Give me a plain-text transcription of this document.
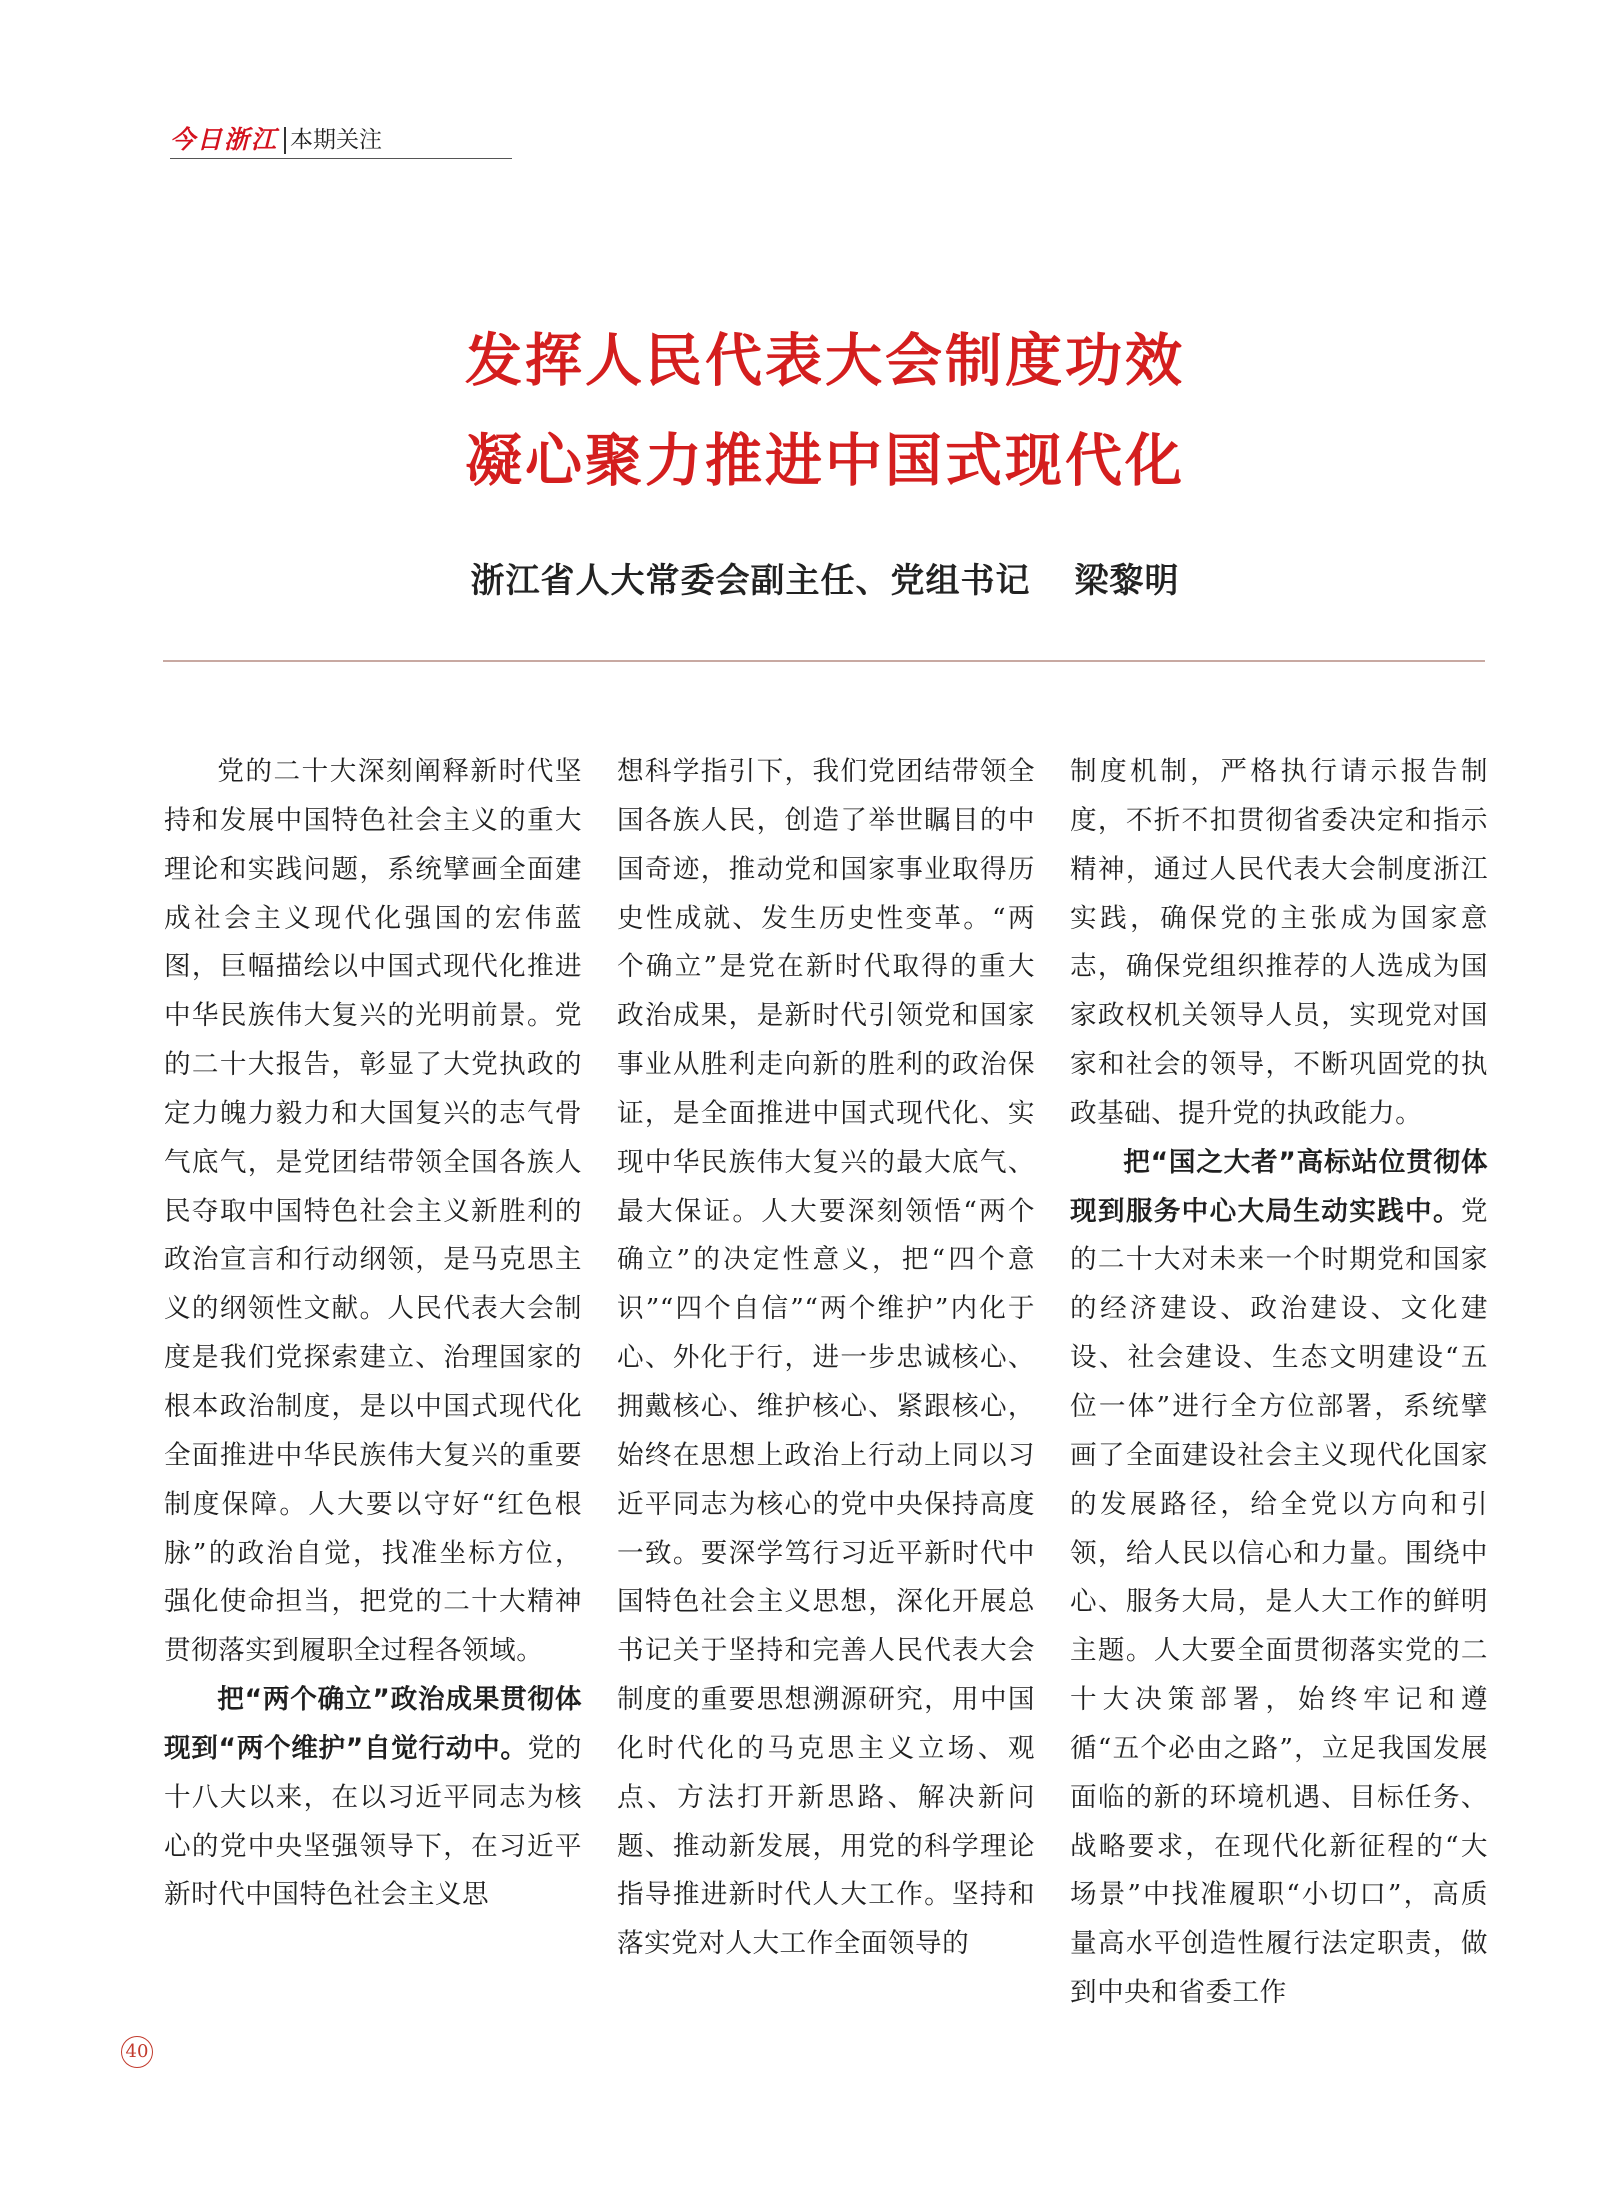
今日浙江 本期关注
发挥人民代表大会制度功效
凝心聚力推进中国式现代化
浙江省人大常委会副主任、党组书记 梁黎明

党的二十大深刻阐释新时代坚持和发展中国特色社会主义的重大理论和实践问题，系统擘画全面建成社会主义现代化强国的宏伟蓝图，巨幅描绘以中国式现代化推进中华民族伟大复兴的光明前景。党的二十大报告，彰显了大党执政的定力魄力毅力和大国复兴的志气骨气底气，是党团结带领全国各族人民夺取中国特色社会主义新胜利的政治宣言和行动纲领，是马克思主义的纲领性文献。人民代表大会制度是我们党探索建立、治理国家的根本政治制度，是以中国式现代化全面推进中华民族伟大复兴的重要制度保障。人大要以守好“红色根脉”的政治自觉，找准坐标方位，强化使命担当，把党的二十大精神贯彻落实到履职全过程各领域。

把“两个确立”政治成果贯彻体现到“两个维护”自觉行动中。党的十八大以来，在以习近平同志为核心的党中央坚强领导下，在习近平新时代中国特色社会主义思

想科学指引下，我们党团结带领全国各族人民，创造了举世瞩目的中国奇迹，推动党和国家事业取得历史性成就、发生历史性变革。“两个确立”是党在新时代取得的重大政治成果，是新时代引领党和国家事业从胜利走向新的胜利的政治保证，是全面推进中国式现代化、实现中华民族伟大复兴的最大底气、最大保证。人大要深刻领悟“两个确立”的决定性意义，把“四个意识”“四个自信”“两个维护”内化于心、外化于行，进一步忠诚核心、拥戴核心、维护核心、紧跟核心，始终在思想上政治上行动上同以习近平同志为核心的党中央保持高度一致。要深学笃行习近平新时代中国特色社会主义思想，深化开展总书记关于坚持和完善人民代表大会制度的重要思想溯源研究，用中国化时代化的马克思主义立场、观点、方法打开新思路、解决新问题、推动新发展，用党的科学理论指导推进新时代人大工作。坚持和落实党对人大工作全面领导的

制度机制，严格执行请示报告制度，不折不扣贯彻省委决定和指示精神，通过人民代表大会制度浙江实践，确保党的主张成为国家意志，确保党组织推荐的人选成为国家政权机关领导人员，实现党对国家和社会的领导，不断巩固党的执政基础、提升党的执政能力。

把“国之大者”高标站位贯彻体现到服务中心大局生动实践中。党的二十大对未来一个时期党和国家的经济建设、政治建设、文化建设、社会建设、生态文明建设“五位一体”进行全方位部署，系统擘画了全面建设社会主义现代化国家的发展路径，给全党以方向和引领，给人民以信心和力量。围绕中心、服务大局，是人大工作的鲜明主题。人大要全面贯彻落实党的二十大决策部署，始终牢记和遵循“五个必由之路”，立足我国发展面临的新的环境机遇、目标任务、战略要求，在现代化新征程的“大场景”中找准履职“小切口”，高质量高水平创造性履行法定职责，做到中央和省委工作

40
